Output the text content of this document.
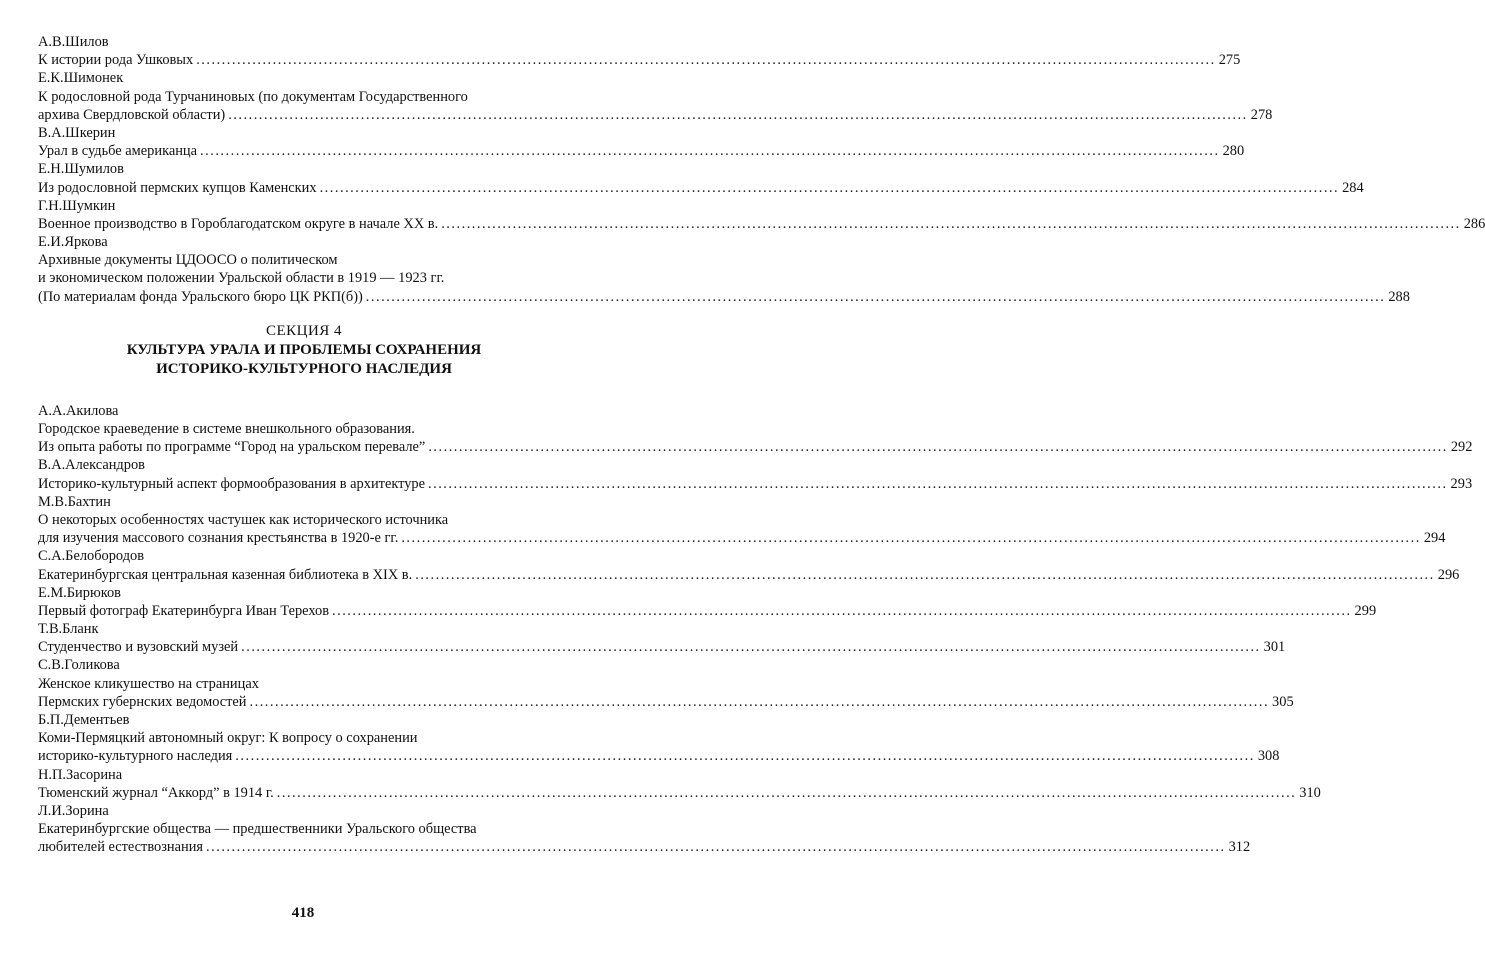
А.В.Шилов
К истории рода Ушковых ........................................................................................................................................................................................................ 275
Е.К.Шимонек
К родословной рода Турчаниновых (по документам Государственного
архива Свердловской области) ........................................................................................................................................................................................................ 278
В.А.Шкерин
Урал в судьбе американца ........................................................................................................................................................................................................ 280
Е.Н.Шумилов
Из родословной пермских купцов Каменских ........................................................................................................................................................................................................ 284
Г.Н.Шумкин
Военное производство в Гороблагодатском округе в начале XX в. ........................................................................................................................................................................................................ 286
Е.И.Яркова
Архивные документы ЦДООСО о политическом
и экономическом положении Уральской области в 1919 — 1923 гг.
(По материалам фонда Уральского бюро ЦК РКП(б)) ........................................................................................................................................................................................................ 288
СЕКЦИЯ 4
КУЛЬТУРА УРАЛА И ПРОБЛЕМЫ СОХРАНЕНИЯ
ИСТОРИКО-КУЛЬТУРНОГО НАСЛЕДИЯ
А.А.Акилова
Городское краеведение в системе внешкольного образования.
Из опыта работы по программе “Город на уральском перевале” ........................................................................................................................................................................................................ 292
В.А.Александров
Историко-культурный аспект формообразования в архитектуре ........................................................................................................................................................................................................ 293
М.В.Бахтин
О некоторых особенностях частушек как исторического источника
для изучения массового сознания крестьянства в 1920-е гг. ........................................................................................................................................................................................................ 294
С.А.Белобородов
Екатеринбургская центральная казенная библиотека в XIX в. ........................................................................................................................................................................................................ 296
Е.М.Бирюков
Первый фотограф Екатеринбурга Иван Терехов ........................................................................................................................................................................................................ 299
Т.В.Бланк
Студенчество и вузовский музей ........................................................................................................................................................................................................ 301
С.В.Голикова
Женское кликушество на страницах
Пермских губернских ведомостей ........................................................................................................................................................................................................ 305
Б.П.Дементьев
Коми-Пермяцкий автономный округ: К вопросу о сохранении
историко-культурного наследия ........................................................................................................................................................................................................ 308
Н.П.Засорина
Тюменский журнал “Аккорд” в 1914 г. ........................................................................................................................................................................................................ 310
Л.И.Зорина
Екатеринбургские общества — предшественники Уральского общества
любителей естествознания ........................................................................................................................................................................................................ 312
418
